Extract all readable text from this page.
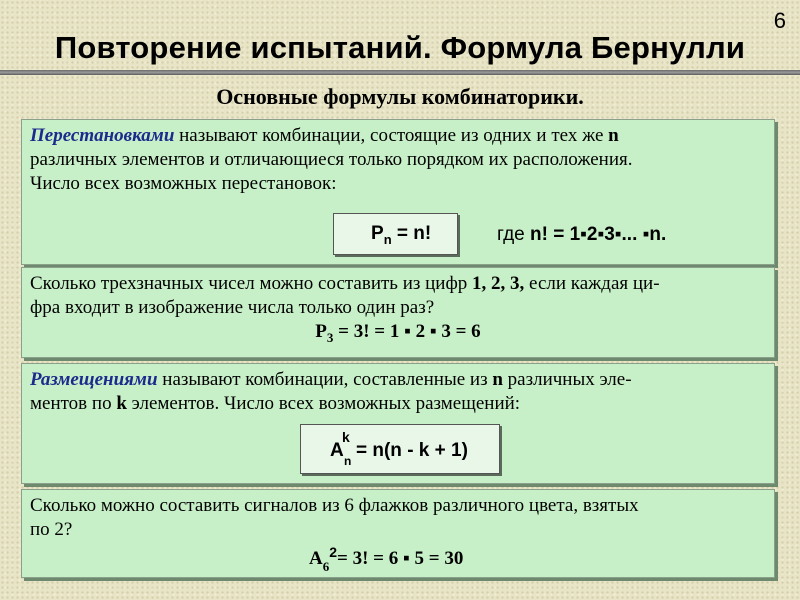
6
Повторение испытаний. Формула Бернулли
Основные формулы комбинаторики.
Перестановками называют комбинации, состоящие из одних и тех же n
различных элементов и отличающиеся только порядком их расположения.
Число всех возможных перестановок:
$P_n = n$!	где n! = 1▪2▪3▪... ▪n.
Сколько трехзначных чисел можно составить из цифр 1, 2, 3, если каждая ци-
фра входит в изображение числа только один раз?
$P_3 = 3$! = 1 ▪ 2 ▪ 3 = 6
Размещениями называют комбинации, составленные из n различных эле-
ментов по k элементов. Число всех возможных размещений:
A
k
n = n(n - k + 1)
Сколько можно составить сигналов из 6 флажков различного цвета, взятых
по 2?
$A_6^2= 3$! = 6 ▪ 5 = 30
